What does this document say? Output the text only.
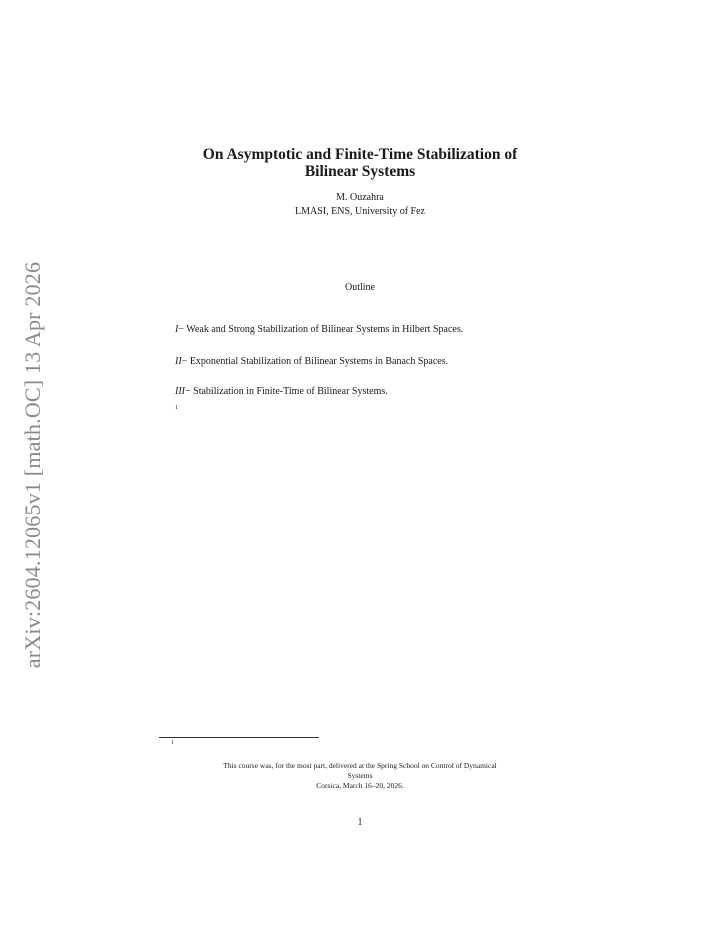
arXiv:2604.12065v1 [math.OC] 13 Apr 2026
On Asymptotic and Finite-Time Stabilization of
Bilinear Systems
M. Ouzahra
LMASI, ENS, University of Fez
Outline
I− Weak and Strong Stabilization of Bilinear Systems in Hilbert Spaces.
II− Exponential Stabilization of Bilinear Systems in Banach Spaces.
III− Stabilization in Finite-Time of Bilinear Systems.
1
1
This course was, for the most part, delivered at the Spring School on Control of Dynamical
Systems
Corsica, March 16–20, 2026.
1
